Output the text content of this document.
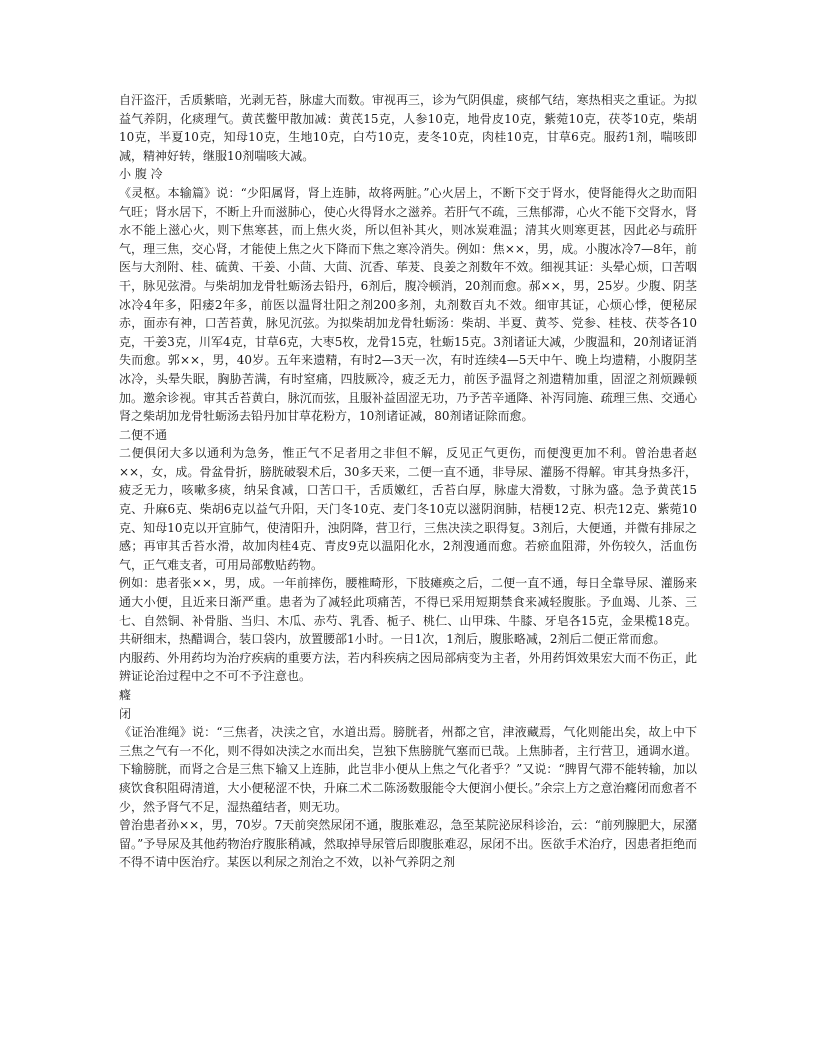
自汗盗汗，舌质紫暗，光剥无苔，脉虚大而数。审视再三，诊为气阴俱虚，痰郁气结，寒热相夹之重证。为拟益气养阴，化痰理气。黄芪鳖甲散加减：黄芪15克，人参10克，地骨皮10克，紫菀10克，茯苓10克，柴胡10克，半夏10克，知母10克，生地10克，白芍10克，麦冬10克，肉桂10克，甘草6克。服药1剂，喘咳即减，精神好转，继服10剂喘咳大减。

小 腹 冷

《灵枢。本输篇》说：“少阳属肾，肾上连肺，故将两脏。”心火居上，不断下交于肾水，使肾能得火之助而阳气旺；肾水居下，不断上升而滋肺心，使心火得肾水之滋养。若肝气不疏，三焦郁滞，心火不能下交肾水，肾水不能上滋心火，则下焦寒甚，而上焦火炎，所以但补其火，则冰炭难温；清其火则寒更甚，因此必与疏肝气，理三焦，交心肾，才能使上焦之火下降而下焦之寒冷消失。例如：焦××，男，成。小腹冰冷7—8年，前医与大剂附、桂、硫黄、干姜、小茴、大茴、沉香、荜茇、良姜之剂数年不效。细视其证：头晕心烦，口苦咽干，脉见弦滑。与柴胡加龙骨牡蛎汤去铅丹，6剂后，腹冷顿消，20剂而愈。郝××，男，25岁。少腹、阴茎冰冷4年多，阳痿2年多，前医以温肾壮阳之剂200多剂，丸剂数百丸不效。细审其证，心烦心悸，便秘尿赤，面赤有神，口苦苔黄，脉见沉弦。为拟柴胡加龙骨牡蛎汤：柴胡、半夏、黄芩、党参、桂枝、茯苓各10克，干姜3克，川军4克，甘草6克，大枣5枚，龙骨15克，牡蛎15克。3剂诸证大减，少腹温和，20剂诸证消失而愈。郭××，男，40岁。五年来遗精，有时2—3天一次，有时连续4—5天中午、晚上均遗精，小腹阴茎冰冷，头晕失眠，胸胁苦满，有时窒痛，四肢厥冷，疲乏无力，前医予温肾之剂遗精加重，固涩之剂烦躁顿加。邀余诊视。审其舌苔黄白，脉沉而弦，且服补益固涩无功，乃予苦辛通降、补泻同施、疏理三焦、交通心肾之柴胡加龙骨牡蛎汤去铅丹加甘草花粉方，10剂诸证减，80剂诸证除而愈。

二便不通

二便俱闭大多以通利为急务，惟正气不足者用之非但不解，反见正气更伤，而便溲更加不利。曾治患者赵××，女，成。骨盆骨折，膀胱破裂术后，30多天来，二便一直不通，非导尿、灌肠不得解。审其身热多汗，疲乏无力，咳嗽多痰，纳呆食减，口苦口干，舌质嫩红，舌苔白厚，脉虚大滑数，寸脉为盛。急予黄芪15克、升麻6克、柴胡6克以益气升阳，天门冬10克、麦门冬10克以滋阴润肺，桔梗12克、枳壳12克、紫菀10克、知母10克以开宣肺气，使清阳升，浊阴降，营卫行，三焦决渎之职得复。3剂后，大便通，并微有排尿之感；再审其舌苔水滑，故加肉桂4克、青皮9克以温阳化水，2剂溲通而愈。若瘀血阻滞，外伤较久，活血伤气，正气难支者，可用局部敷贴药物。

例如：患者张××，男，成。一年前摔伤，腰椎畸形，下肢瘫痪之后，二便一直不通，每日全靠导尿、灌肠来通大小便，且近来日渐严重。患者为了减轻此项痛苦，不得已采用短期禁食来减轻腹胀。予血竭、儿茶、三七、自然铜、补骨脂、当归、木瓜、赤芍、乳香、栀子、桃仁、山甲珠、牛膝、牙皂各15克，金果榄18克。共研细末，热醋调合，装口袋内，放置腰部1小时。一日1次，1剂后，腹胀略减，2剂后二便正常而愈。

内服药、外用药均为治疗疾病的重要方法，若内科疾病之因局部病变为主者，外用药饵效果宏大而不伤正，此辨证论治过程中之不可不予注意也。

癃

闭

《证治准绳》说：“三焦者，决渎之官，水道出焉。膀胱者，州都之官，津液藏焉，气化则能出矣，故上中下三焦之气有一不化，则不得如决渎之水而出矣，岂独下焦膀胱气塞而已哉。上焦肺者，主行营卫，通调水道。下输膀胱，而肾之合是三焦下输又上连肺，此岂非小便从上焦之气化者乎？”又说：“脾胃气滞不能转输，加以痰饮食积阻碍清道，大小便秘涩不快，升麻二术二陈汤数服能令大便润小便长。”余宗上方之意治癃闭而愈者不少，然予肾气不足，湿热蕴结者，则无功。

曾治患者孙××，男，70岁。7天前突然尿闭不通，腹胀难忍，急至某院泌尿科诊治，云：“前列腺肥大，尿潴留。”予导尿及其他药物治疗腹胀稍减，然取掉导尿管后即腹胀难忍，尿闭不出。医欲手术治疗，因患者拒绝而不得不请中医治疗。某医以利尿之剂治之不效，以补气养阴之剂
